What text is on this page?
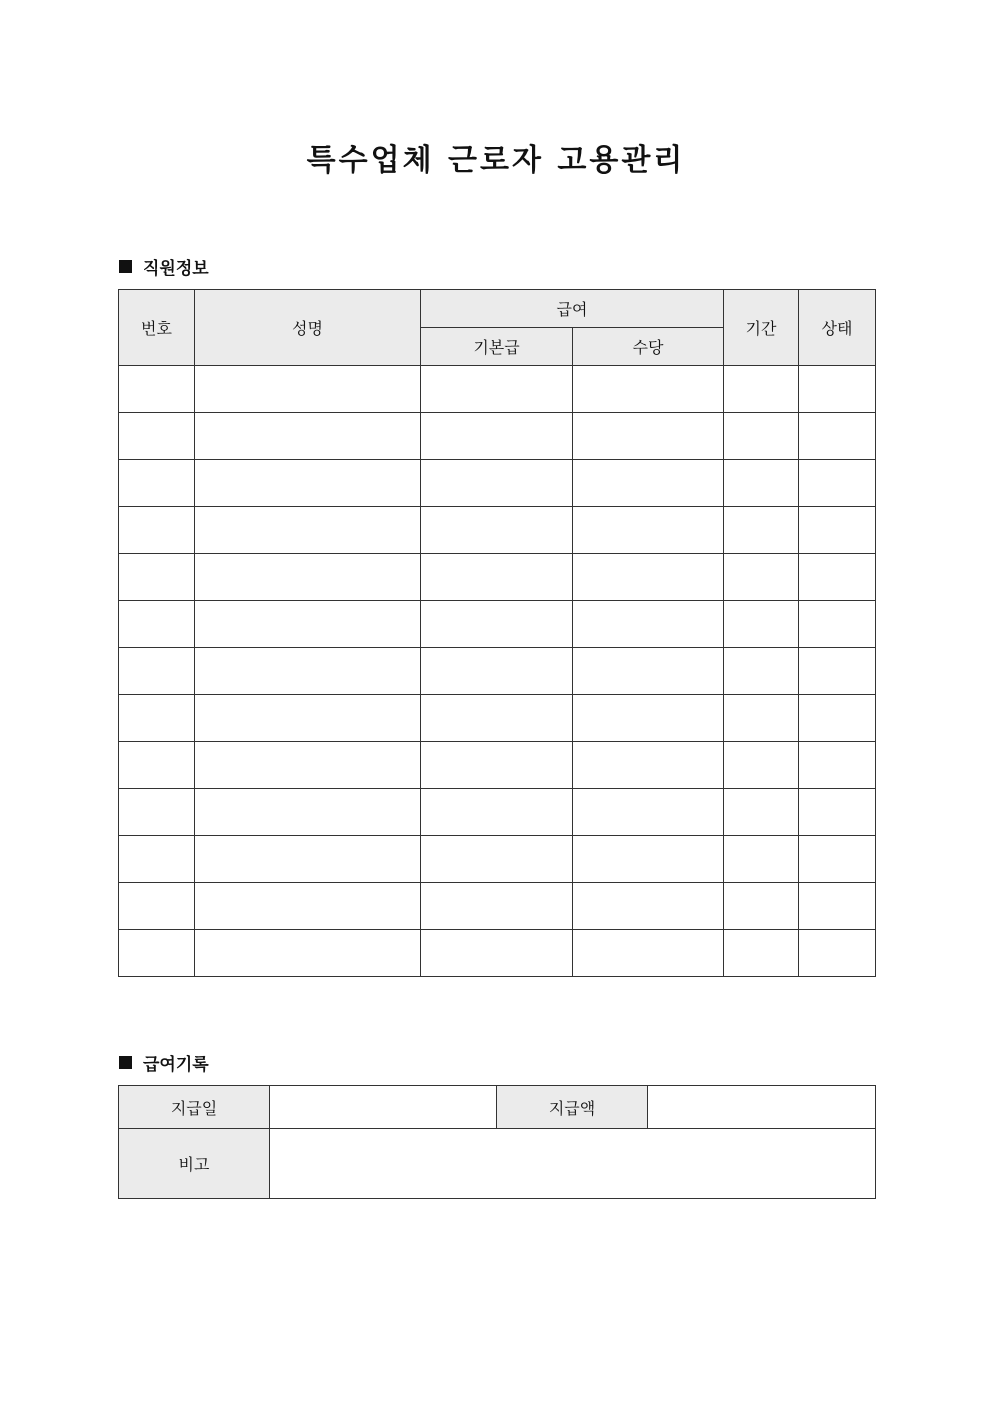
특수업체 근로자 고용관리
직원정보
번호	성명	급여		기간	상태
		기본급	수당		

급여기록
지급일		지급액	
비고			
